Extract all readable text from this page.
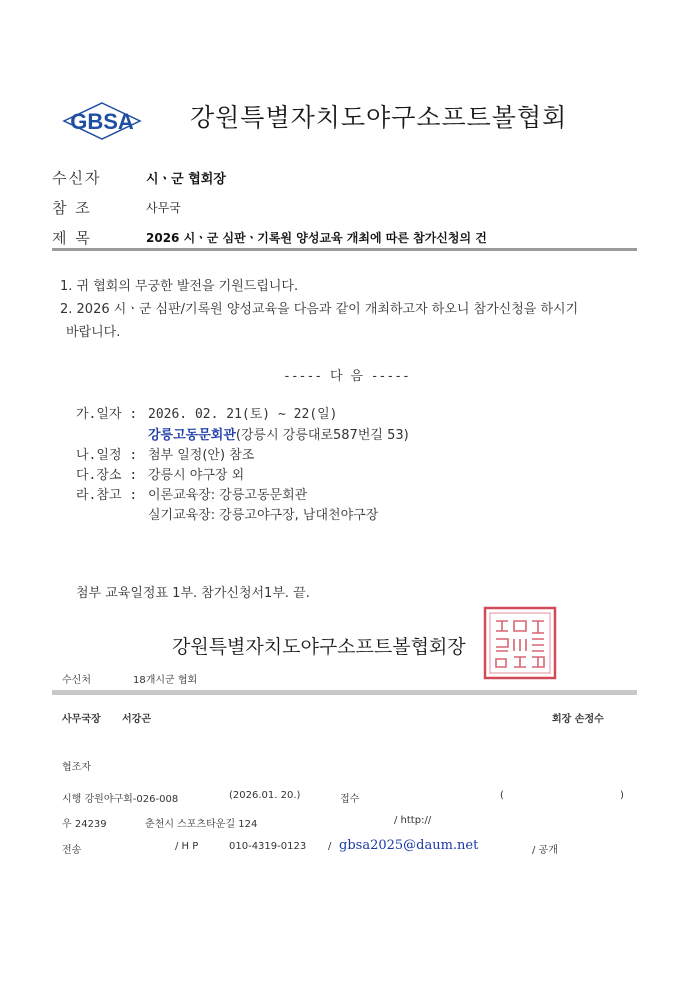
GBSA 강원특별자치도야구소프트볼협회
수신자	시ㆍ군 협회장
참 조	사무국
제 목	2026 시ㆍ군 심판ㆍ기록원 양성교육 개최에 따른 참가신청의 건
1. 귀 협회의 무궁한 발전을 기원드립니다.
2. 2026 시ㆍ군 심판/기록원 양성교육을 다음과 같이 개최하고자 하오니 참가신청을 하시기
바랍니다.
----- 다 음 -----
가.일자 : 2026. 02. 21(토) ~ 22(일)
강릉고동문회관(강릉시 강릉대로587번길 53)
나.일정 : 첨부 일정(안) 참조
다.장소 : 강릉시 야구장 외
라.참고 : 이론교육장: 강릉고동문회관
실기교육장: 강릉고야구장, 남대천야구장
첨부 교육일정표 1부. 참가신청서1부. 끝.
강원특별자치도야구소프트볼협회장
수신처	18개시군 협회
사무국장 서강곤	회장 손정수
협조자
시행 강원야구회-026-008	(2026.01. 20.)	접수	(	)
우 24239	춘천시 스포츠타운길 124	/ http://
전송	/ H P	010-4319-0123 / gbsa2025@daum.net	/ 공개
